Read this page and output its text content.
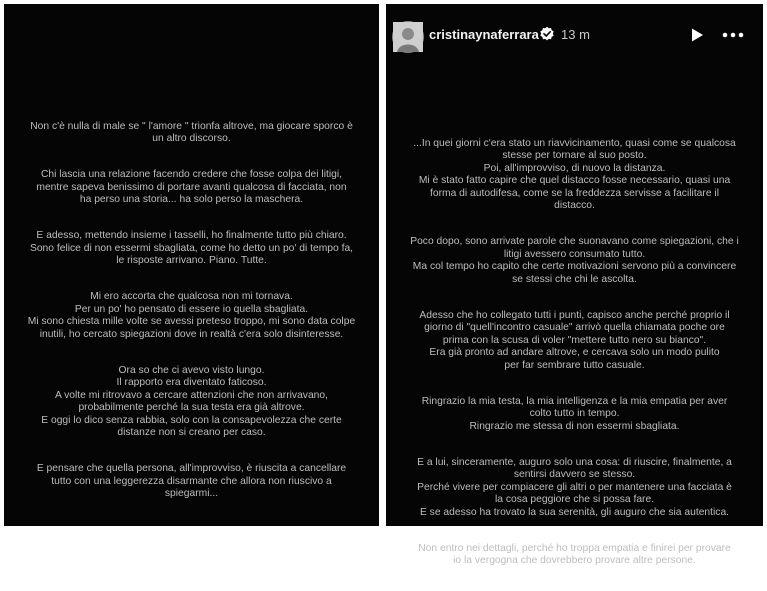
Non c'è nulla di male se " l'amore " trionfa altrove, ma giocare sporco è
un altro discorso.

Chi lascia una relazione facendo credere che fosse colpa dei litigi,
mentre sapeva benissimo di portare avanti qualcosa di facciata, non
ha perso una storia... ha solo perso la maschera.

E adesso, mettendo insieme i tasselli, ho finalmente tutto più chiaro.
Sono felice di non essermi sbagliata, come ho detto un po' di tempo fa,
le risposte arrivano. Piano. Tutte.

Mi ero accorta che qualcosa non mi tornava.
Per un po' ho pensato di essere io quella sbagliata.
Mi sono chiesta mille volte se avessi preteso troppo, mi sono data colpe
inutili, ho cercato spiegazioni dove in realtà c'era solo disinteresse.

Ora so che ci avevo visto lungo.
Il rapporto era diventato faticoso.
A volte mi ritrovavo a cercare attenzioni che non arrivavano,
probabilmente perché la sua testa era già altrove.
E oggi lo dico senza rabbia, solo con la consapevolezza che certe
distanze non si creano per caso.

E pensare che quella persona, all'improvviso, è riuscita a cancellare
tutto con una leggerezza disarmante che allora non riuscivo a
spiegarmi...

cristinaynaferrara 13 m

...In quei giorni c'era stato un riavvicinamento, quasi come se qualcosa
stesse per tornare al suo posto.
Poi, all'improvviso, di nuovo la distanza.
Mi è stato fatto capire che quel distacco fosse necessario, quasi una
forma di autodifesa, come se la freddezza servisse a facilitare il
distacco.

Poco dopo, sono arrivate parole che suonavano come spiegazioni, che i
litigi avessero consumato tutto.
Ma col tempo ho capito che certe motivazioni servono più a convincere
se stessi che chi le ascolta.

Adesso che ho collegato tutti i punti, capisco anche perché proprio il
giorno di "quell'incontro casuale" arrivò quella chiamata poche ore
prima con la scusa di voler "mettere tutto nero su bianco".
Era già pronto ad andare altrove, e cercava solo un modo pulito
per far sembrare tutto casuale.

Ringrazio la mia testa, la mia intelligenza e la mia empatia per aver
colto tutto in tempo.
Ringrazio me stessa di non essermi sbagliata.

E a lui, sinceramente, auguro solo una cosa: di riuscire, finalmente, a
sentirsi davvero se stesso.
Perché vivere per compiacere gli altri o per mantenere una facciata è
la cosa peggiore che si possa fare.
E se adesso ha trovato la sua serenità, gli auguro che sia autentica.

Non entro nei dettagli, perché ho troppa empatia e finirei per provare
io la vergogna che dovrebbero provare altre persone.
